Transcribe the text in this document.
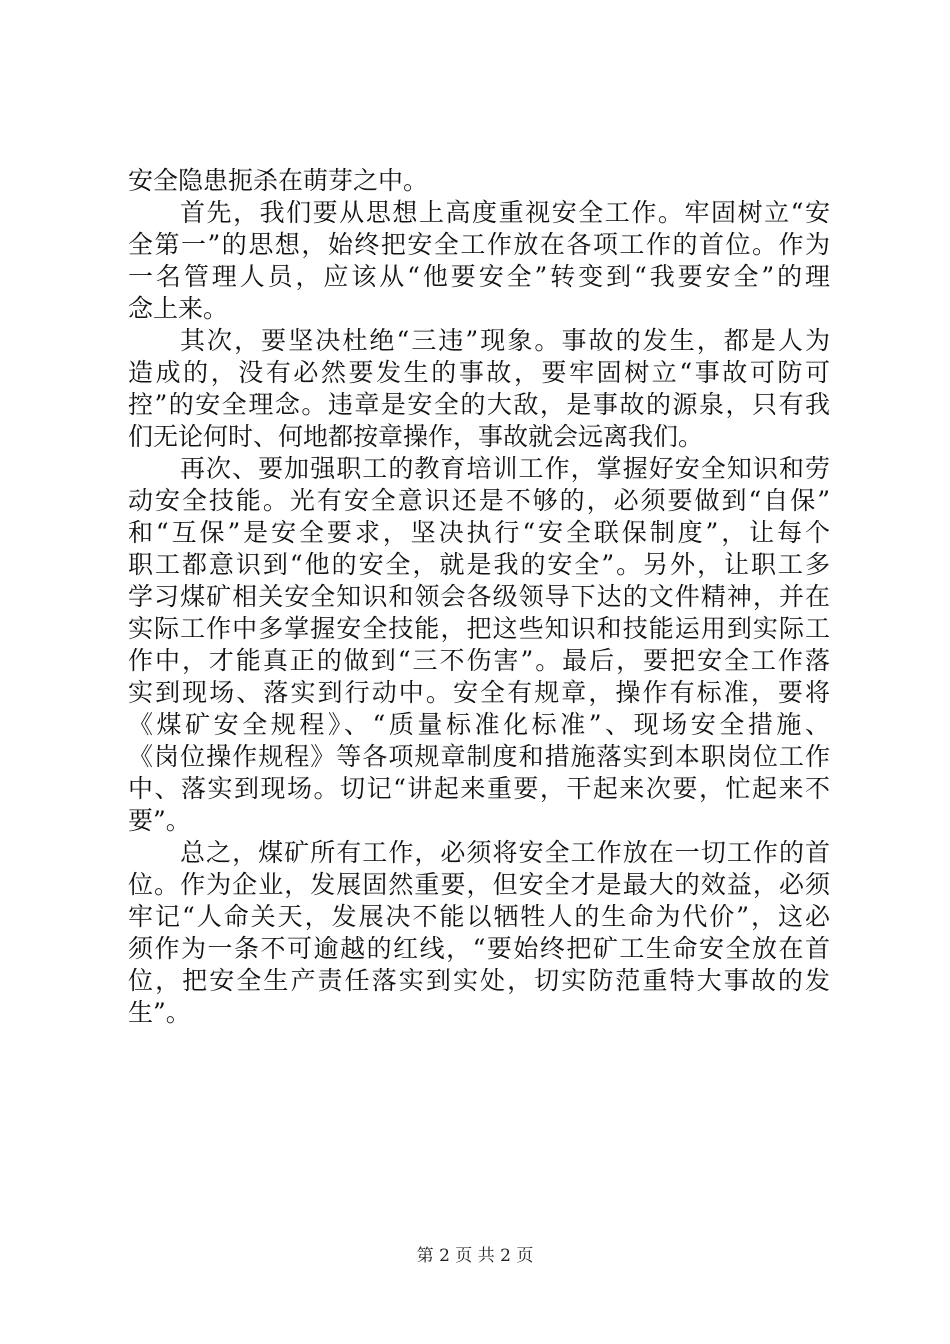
安全隐患扼杀在萌芽之中。
首先，我们要从思想上高度重视安全工作。牢固树立“安
全第一”的思想，始终把安全工作放在各项工作的首位。作为
一名管理人员，应该从“他要安全”转变到“我要安全”的理
念上来。
其次，要坚决杜绝“三违”现象。事故的发生，都是人为
造成的，没有必然要发生的事故，要牢固树立“事故可防可
控”的安全理念。违章是安全的大敌，是事故的源泉，只有我
们无论何时、何地都按章操作，事故就会远离我们。
再次、要加强职工的教育培训工作，掌握好安全知识和劳
动安全技能。光有安全意识还是不够的，必须要做到“自保”
和“互保”是安全要求，坚决执行“安全联保制度”，让每个
职工都意识到“他的安全，就是我的安全”。另外，让职工多
学习煤矿相关安全知识和领会各级领导下达的文件精神，并在
实际工作中多掌握安全技能，把这些知识和技能运用到实际工
作中，才能真正的做到“三不伤害”。最后，要把安全工作落
实到现场、落实到行动中。安全有规章，操作有标准，要将
《煤矿安全规程》、“质量标准化标准”、现场安全措施、
《岗位操作规程》等各项规章制度和措施落实到本职岗位工作
中、落实到现场。切记“讲起来重要，干起来次要，忙起来不
要”。
总之，煤矿所有工作，必须将安全工作放在一切工作的首
位。作为企业，发展固然重要，但安全才是最大的效益，必须
牢记“人命关天，发展决不能以牺牲人的生命为代价”，这必
须作为一条不可逾越的红线，“要始终把矿工生命安全放在首
位，把安全生产责任落实到实处，切实防范重特大事故的发
生”。
第 2 页 共 2 页
